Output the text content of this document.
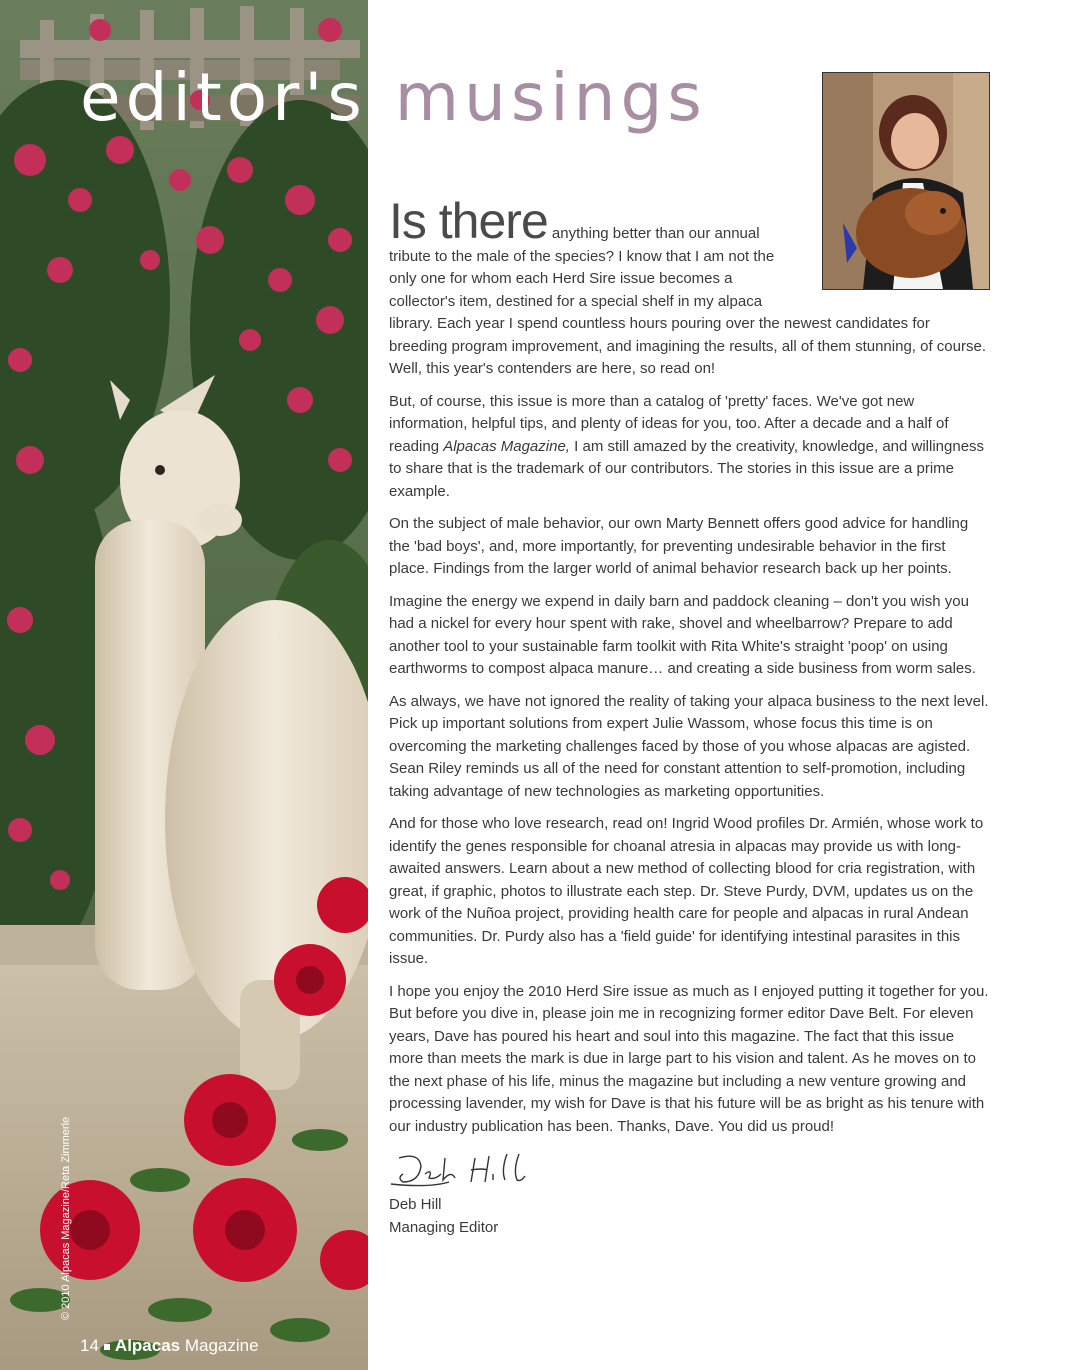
editor's musings

Is there anything better than our annual
tribute to the male of the species? I know that I am not the only one for whom each Herd Sire issue becomes a collector's item, destined for a special shelf in my alpaca
library. Each year I spend countless hours pouring over the newest candidates for breeding program improvement, and imagining the results, all of them stunning, of course. Well, this year's contenders are here, so read on!

But, of course, this issue is more than a catalog of 'pretty' faces. We've got new information, helpful tips, and plenty of ideas for you, too. After a decade and a half of reading Alpacas Magazine, I am still amazed by the creativity, knowledge, and willingness to share that is the trademark of our contributors. The stories in this issue are a prime example.

On the subject of male behavior, our own Marty Bennett offers good advice for handling the 'bad boys', and, more importantly, for preventing undesirable behavior in the first place. Findings from the larger world of animal behavior research back up her points.

Imagine the energy we expend in daily barn and paddock cleaning – don't you wish you had a nickel for every hour spent with rake, shovel and wheelbarrow? Prepare to add another tool to your sustainable farm toolkit with Rita White's straight 'poop' on using earthworms to compost alpaca manure… and creating a side business from worm sales.

As always, we have not ignored the reality of taking your alpaca business to the next level. Pick up important solutions from expert Julie Wassom, whose focus this time is on overcoming the marketing challenges faced by those of you whose alpacas are agisted. Sean Riley reminds us all of the need for constant attention to self-promotion, including taking advantage of new technologies as marketing opportunities.

And for those who love research, read on! Ingrid Wood profiles Dr. Armién, whose work to identify the genes responsible for choanal atresia in alpacas may provide us with long-awaited answers. Learn about a new method of collecting blood for cria registration, with great, if graphic, photos to illustrate each step. Dr. Steve Purdy, DVM, updates us on the work of the Nuñoa project, providing health care for people and alpacas in rural Andean communities. Dr. Purdy also has a 'field guide' for identifying intestinal parasites in this issue.

I hope you enjoy the 2010 Herd Sire issue as much as I enjoyed putting it together for you. But before you dive in, please join me in recognizing former editor Dave Belt. For eleven years, Dave has poured his heart and soul into this magazine. The fact that this issue more than meets the mark is due in large part to his vision and talent. As he moves on to the next phase of his life, minus the magazine but including a new venture growing and processing lavender, my wish for Dave is that his future will be as bright as his tenure with our industry publication has been. Thanks, Dave. You did us proud!

Deb Hill
Managing Editor
14 Alpacas Magazine
© 2010 Alpacas Magazine/Reta Zimmerle
